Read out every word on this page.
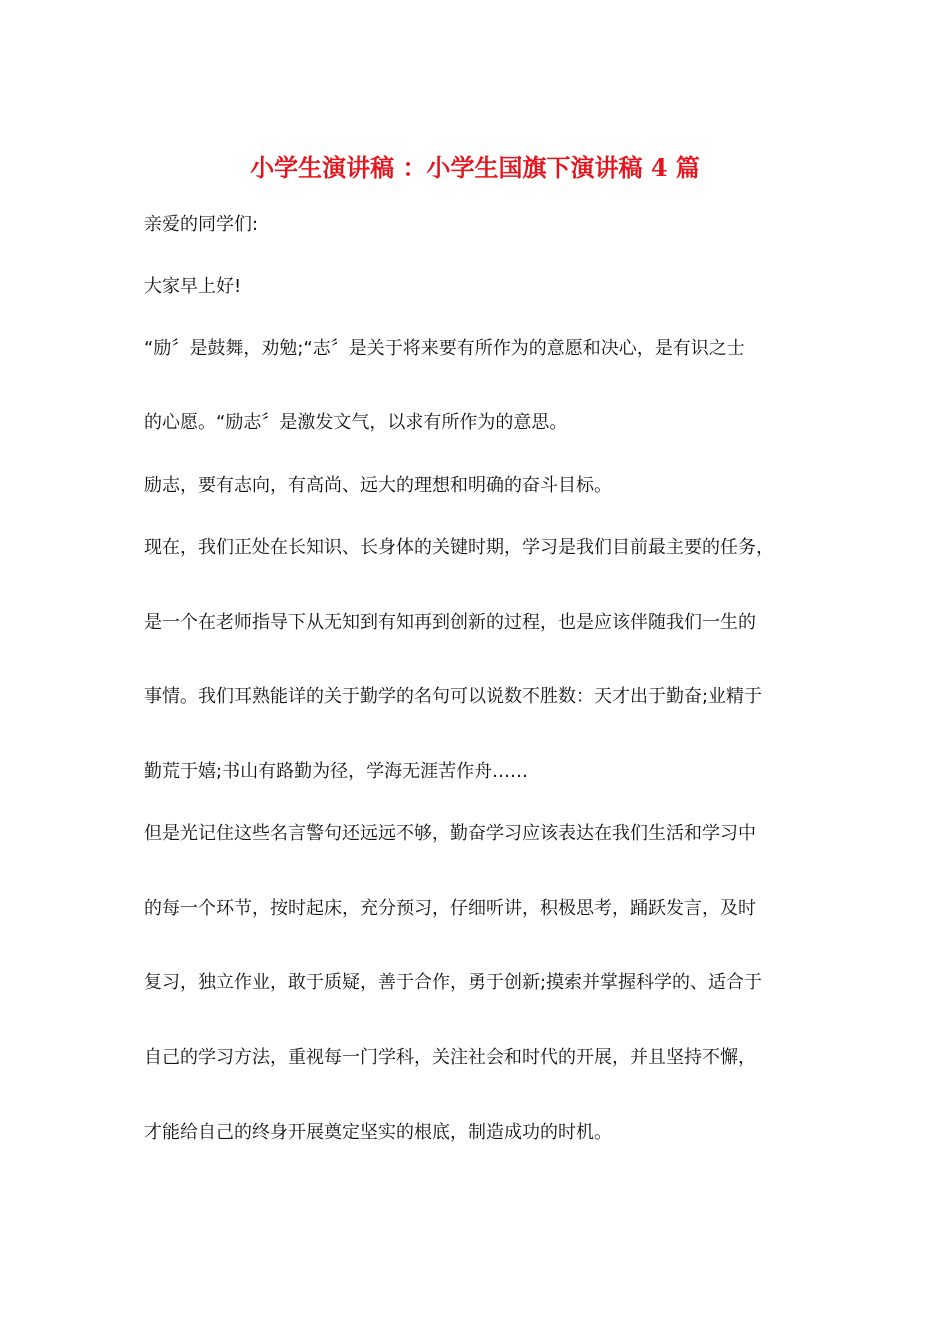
小学生演讲稿 ：小学生国旗下演讲稿 4 篇
亲爱的同学们:
大家早上好!
“励〞是鼓舞，劝勉;“志〞是关于将来要有所作为的意愿和决心，是有识之士
的心愿。“励志〞是激发文气，以求有所作为的意思。
励志，要有志向，有高尚、远大的理想和明确的奋斗目标。
现在，我们正处在长知识、长身体的关键时期，学习是我们目前最主要的任务，
是一个在老师指导下从无知到有知再到创新的过程，也是应该伴随我们一生的
事情。我们耳熟能详的关于勤学的名句可以说数不胜数：天才出于勤奋;业精于
勤荒于嬉;书山有路勤为径，学海无涯苦作舟……
但是光记住这些名言警句还远远不够，勤奋学习应该表达在我们生活和学习中
的每一个环节，按时起床，充分预习，仔细听讲，积极思考，踊跃发言，及时
复习，独立作业，敢于质疑，善于合作，勇于创新;摸索并掌握科学的、适合于
自己的学习方法，重视每一门学科，关注社会和时代的开展，并且坚持不懈，
才能给自己的终身开展奠定坚实的根底，制造成功的时机。
